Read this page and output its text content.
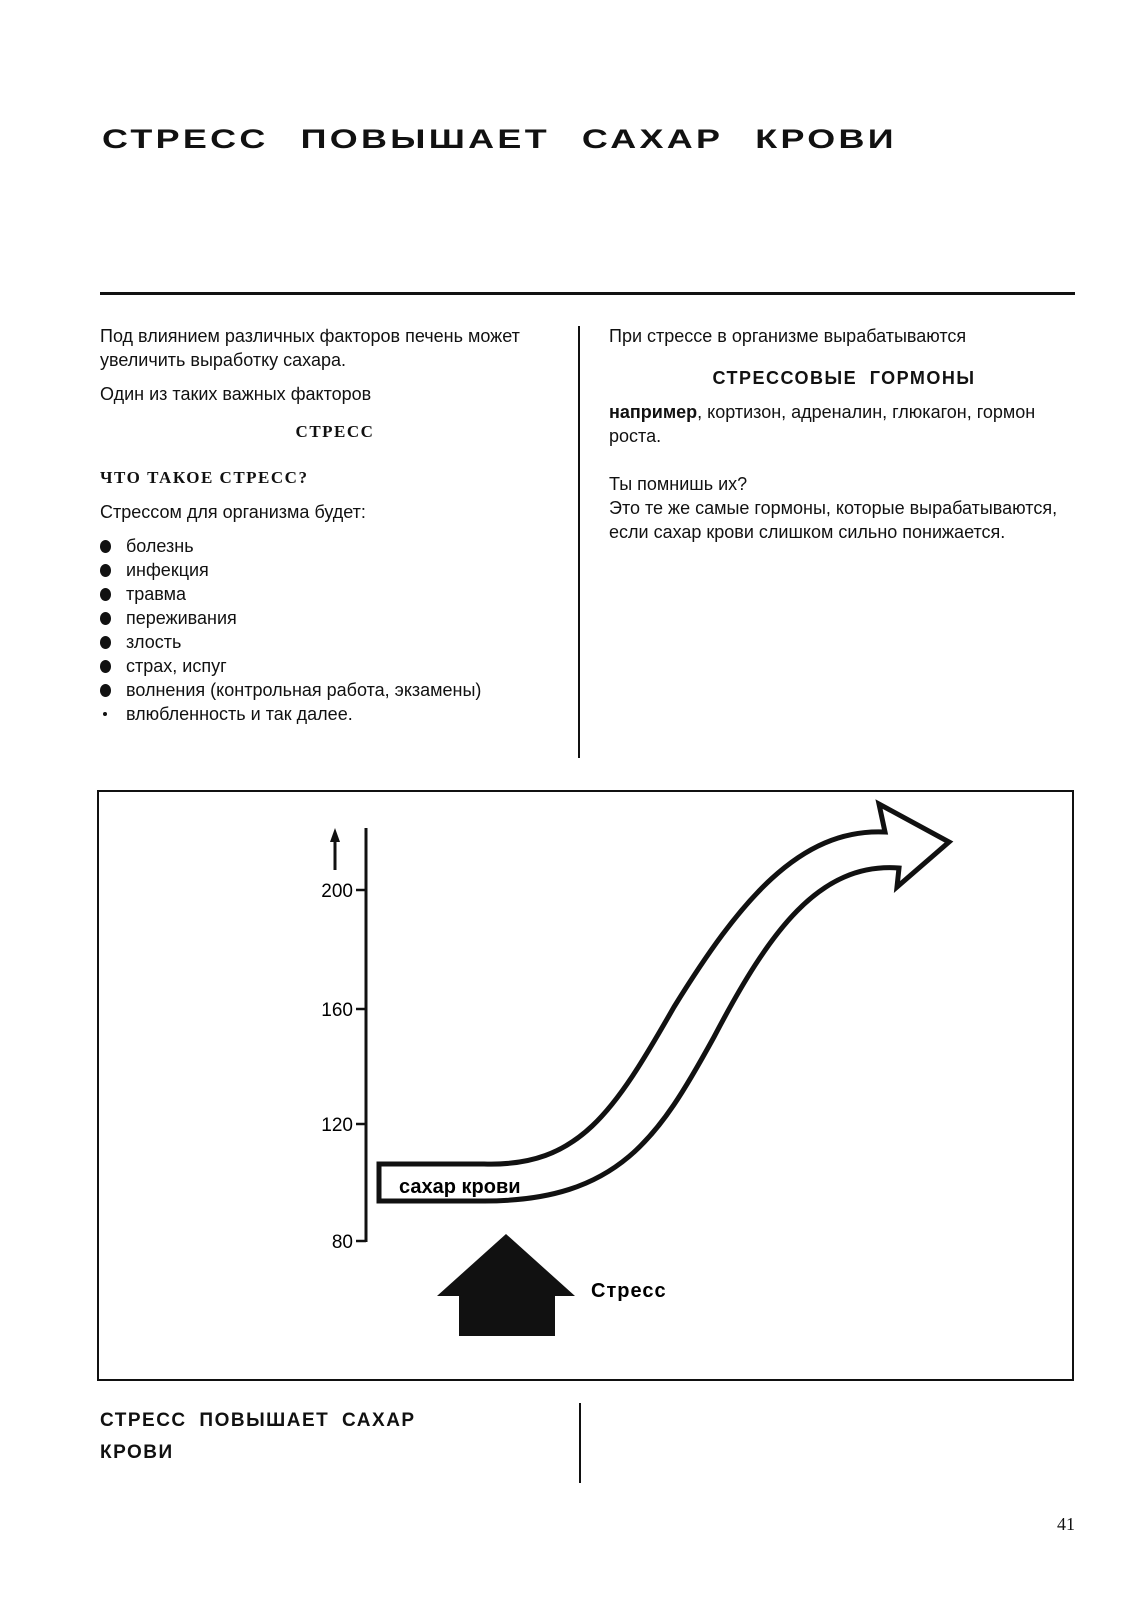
СТРЕСС ПОВЫШАЕТ САХАР КРОВИ

Под влиянием различных факторов печень может увеличить выработку сахара.

Один из таких важных факторов

СТРЕСС

ЧТО ТАКОЕ СТРЕСС?

Стрессом для организма будет:

болезнь
инфекция
травма
переживания
злость
страх, испуг
волнения (контрольная работа, экзамены)
влюбленность и так далее.

При стрессе в организме вырабатываются

СТРЕССОВЫЕ ГОРМОНЫ

например, кортизон, адреналин, глюкагон, гормон роста.

Ты помнишь их?

Это те же самые гормоны, которые вырабатываются, если сахар крови слишком сильно понижается.

200
160
120
80
сахар крови
Стресс
СТРЕСС ПОВЫШАЕТ САХАР
КРОВИ
41
